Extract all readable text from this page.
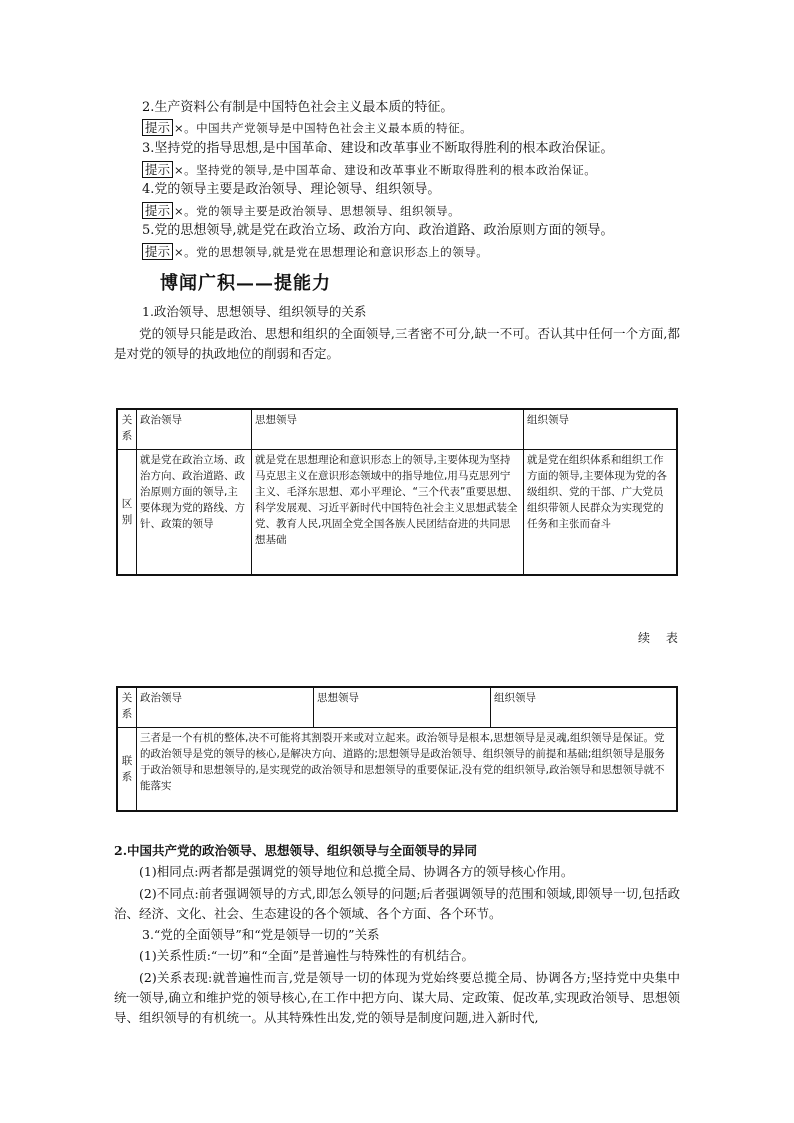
2.生产资料公有制是中国特色社会主义最本质的特征。
提示 ×。中国共产党领导是中国特色社会主义最本质的特征。
3.坚持党的指导思想,是中国革命、建设和改革事业不断取得胜利的根本政治保证。
提示 ×。坚持党的领导,是中国革命、建设和改革事业不断取得胜利的根本政治保证。
4.党的领导主要是政治领导、理论领导、组织领导。
提示 ×。党的领导主要是政治领导、思想领导、组织领导。
5.党的思想领导,就是党在政治立场、政治方向、政治道路、政治原则方面的领导。
提示 ×。党的思想领导,就是党在思想理论和意识形态上的领导。
博闻广积——提能力
1.政治领导、思想领导、组织领导的关系
党的领导只能是政治、思想和组织的全面领导,三者密不可分,缺一不可。否认其中任何一个方面,都是对党的领导的执政地位的削弱和否定。
关系	政治领导	思想领导	组织领导
区别	就是党在政治立场、政治方向、政治道路、政治原则方面的领导,主要体现为党的路线、方针、政策的领导	就是党在思想理论和意识形态上的领导,主要体现为坚持马克思主义在意识形态领域中的指导地位,用马克思列宁主义、毛泽东思想、邓小平理论、“三个代表”重要思想、科学发展观、习近平新时代中国特色社会主义思想武装全党、教育人民,巩固全党全国各族人民团结奋进的共同思想基础	就是党在组织体系和组织工作方面的领导,主要体现为党的各级组织、党的干部、广大党员组织带领人民群众为实现党的任务和主张而奋斗
续 表
关系	政治领导	思想领导	组织领导
联系	三者是一个有机的整体,决不可能将其割裂开来或对立起来。政治领导是根本,思想领导是灵魂,组织领导是保证。党的政治领导是党的领导的核心,是解决方向、道路的;思想领导是政治领导、组织领导的前提和基础;组织领导是服务于政治领导和思想领导的,是实现党的政治领导和思想领导的重要保证,没有党的组织领导,政治领导和思想领导就不能落实		
2.中国共产党的政治领导、思想领导、组织领导与全面领导的异同
(1)相同点:两者都是强调党的领导地位和总揽全局、协调各方的领导核心作用。
(2)不同点:前者强调领导的方式,即怎么领导的问题;后者强调领导的范围和领域,即领导一切,包括政治、经济、文化、社会、生态建设的各个领域、各个方面、各个环节。
3.“党的全面领导”和“党是领导一切的”关系
(1)关系性质:“一切”和“全面”是普遍性与特殊性的有机结合。
(2)关系表现:就普遍性而言,党是领导一切的体现为党始终要总揽全局、协调各方;坚持党中央集中统一领导,确立和维护党的领导核心,在工作中把方向、谋大局、定政策、促改革,实现政治领导、思想领导、组织领导的有机统一。从其特殊性出发,党的领导是制度问题,进入新时代,
